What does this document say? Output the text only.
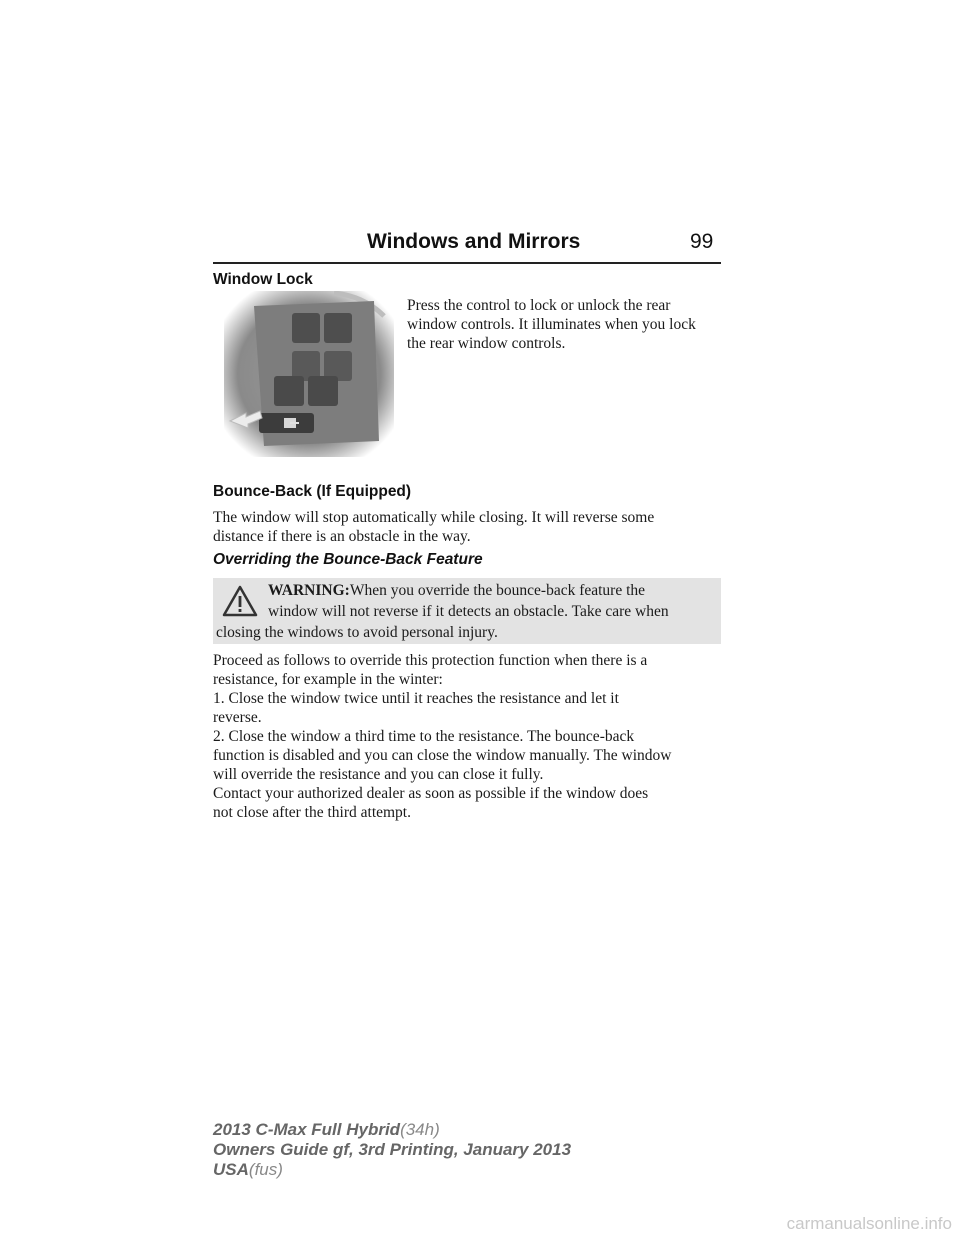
Windows and Mirrors	99
Window Lock
Press the control to lock or unlock the rear
window controls. It illuminates when you lock
the rear window controls.
Bounce-Back (If Equipped)
The window will stop automatically while closing. It will reverse some
distance if there is an obstacle in the way.
Overriding the Bounce-Back Feature
WARNING:When you override the bounce-back feature the
window will not reverse if it detects an obstacle. Take care when
closing the windows to avoid personal injury.
Proceed as follows to override this protection function when there is a
resistance, for example in the winter:
1. Close the window twice until it reaches the resistance and let it
reverse.
2. Close the window a third time to the resistance. The bounce-back
function is disabled and you can close the window manually. The window
will override the resistance and you can close it fully.
Contact your authorized dealer as soon as possible if the window does
not close after the third attempt.
2013 C-Max Full Hybrid(34h)
Owners Guide gf, 3rd Printing, January 2013
USA(fus)
carmanualsonline.info
